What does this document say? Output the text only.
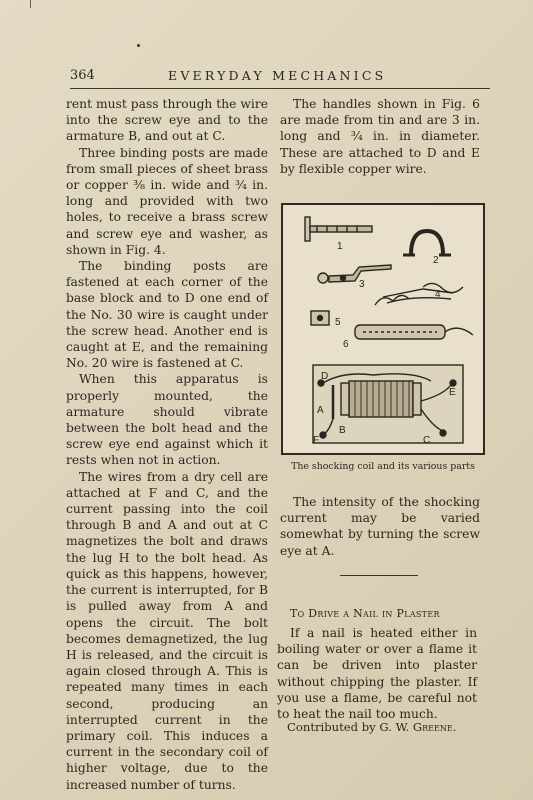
364	EVERYDAY MECHANICS

rent must pass through the wire into the screw eye and to the armature B, and out at C.

Three binding posts are made from small pieces of sheet brass or copper ⅜ in. wide and ¾ in. long and provided with two holes, to receive a brass screw and screw eye and washer, as shown in Fig. 4.

The binding posts are fastened at each corner of the base block and to D one end of the No. 30 wire is caught under the screw head. Another end is caught at E, and the remaining No. 20 wire is fastened at C.

When this apparatus is properly mounted, the armature should vibrate between the bolt head and the screw eye end against which it rests when not in action.

The wires from a dry cell are attached at F and C, and the current passing into the coil through B and A and out at C magnetizes the bolt and draws the lug H to the bolt head. As quick as this happens, however, the current is interrupted, for B is pulled away from A and opens the circuit. The bolt becomes demagnetized, the lug H is released, and the circuit is again closed through A. This is repeated many times in each second, producing an interrupted current in the primary coil. This induces a current in the secondary coil of higher voltage, due to the increased number of turns.

The handles shown in Fig. 6 are made from tin and are 3 in. long and ¾ in. in diameter. These are attached to D and E by flexible copper wire.

1
2
3
4
5
6
D
E
A
B
F	C
The shocking coil and its various parts

The intensity of the shocking current may be varied somewhat by turning the screw eye at A.

To Drive a Nail in Plaster

If a nail is heated either in boiling water or over a flame it can be driven into plaster without chipping the plaster. If you use a flame, be careful not to heat the nail too much.

Contributed by G. W. Greene.
